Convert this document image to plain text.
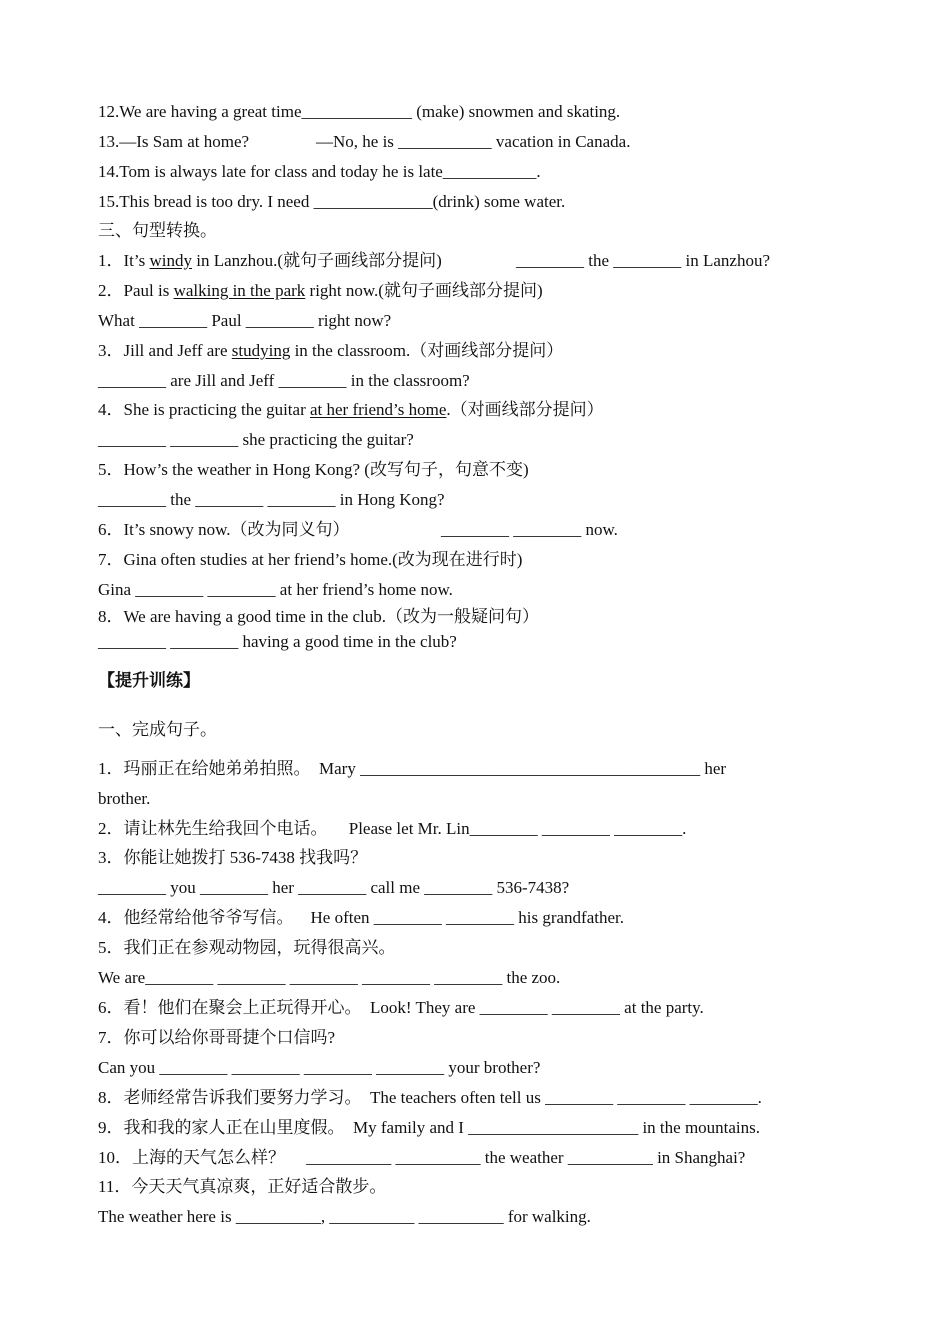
12.We are having a great time_____________ (make) snowmen and skating.
13.—Is Sam at home?	—No, he is ___________ vacation in Canada.
14.Tom is always late for class and today he is late___________.
15.This bread is too dry. I need ______________(drink) some water.
三、句型转换。
1．It’s windy in Lanzhou.(就句子画线部分提问)	________ the ________ in Lanzhou?
2．Paul is walking in the park right now.(就句子画线部分提问)
What ________ Paul ________ right now?
3．Jill and Jeff are studying in the classroom.（对画线部分提问）
________ are Jill and Jeff ________ in the classroom?
4．She is practicing the guitar at her friend’s home.（对画线部分提问）
________ ________ she practicing the guitar?
5．How’s the weather in Hong Kong? (改写句子，句意不变)
________ the ________ ________ in Hong Kong?
6．It’s snowy now.（改为同义句）	________ ________ now.
7．Gina often studies at her friend’s home.(改为现在进行时)
Gina ________ ________ at her friend’s home now.
8．We are having a good time in the club.（改为一般疑问句）
________ ________ having a good time in the club?
【提升训练】
一、完成句子。
1．玛丽正在给她弟弟拍照。  Mary ________________________________________ her
brother.
2．请让林先生给我回个电话。     Please let Mr. Lin________ ________ ________.
3．你能让她拨打 536-7438 找我吗？
________ you ________ her ________ call me ________ 536-7438?
4．他经常给他爷爷写信。    He often ________ ________ his grandfather.
5．我们正在参观动物园，玩得很高兴。
We are________ ________ ________ ________ ________ the zoo.
6．看！他们在聚会上正玩得开心。  Look! They are ________ ________ at the party.
7．你可以给你哥哥捷个口信吗?
Can you ________ ________ ________ ________ your brother?
8．老师经常告诉我们要努力学习。  The teachers often tell us ________ ________ ________.
9．我和我的家人正在山里度假。  My family and I ____________________ in the mountains.
10．上海的天气怎么样？     __________ __________ the weather __________ in Shanghai?
11．今天天气真凉爽，正好适合散步。
The weather here is __________, __________ __________ for walking.
